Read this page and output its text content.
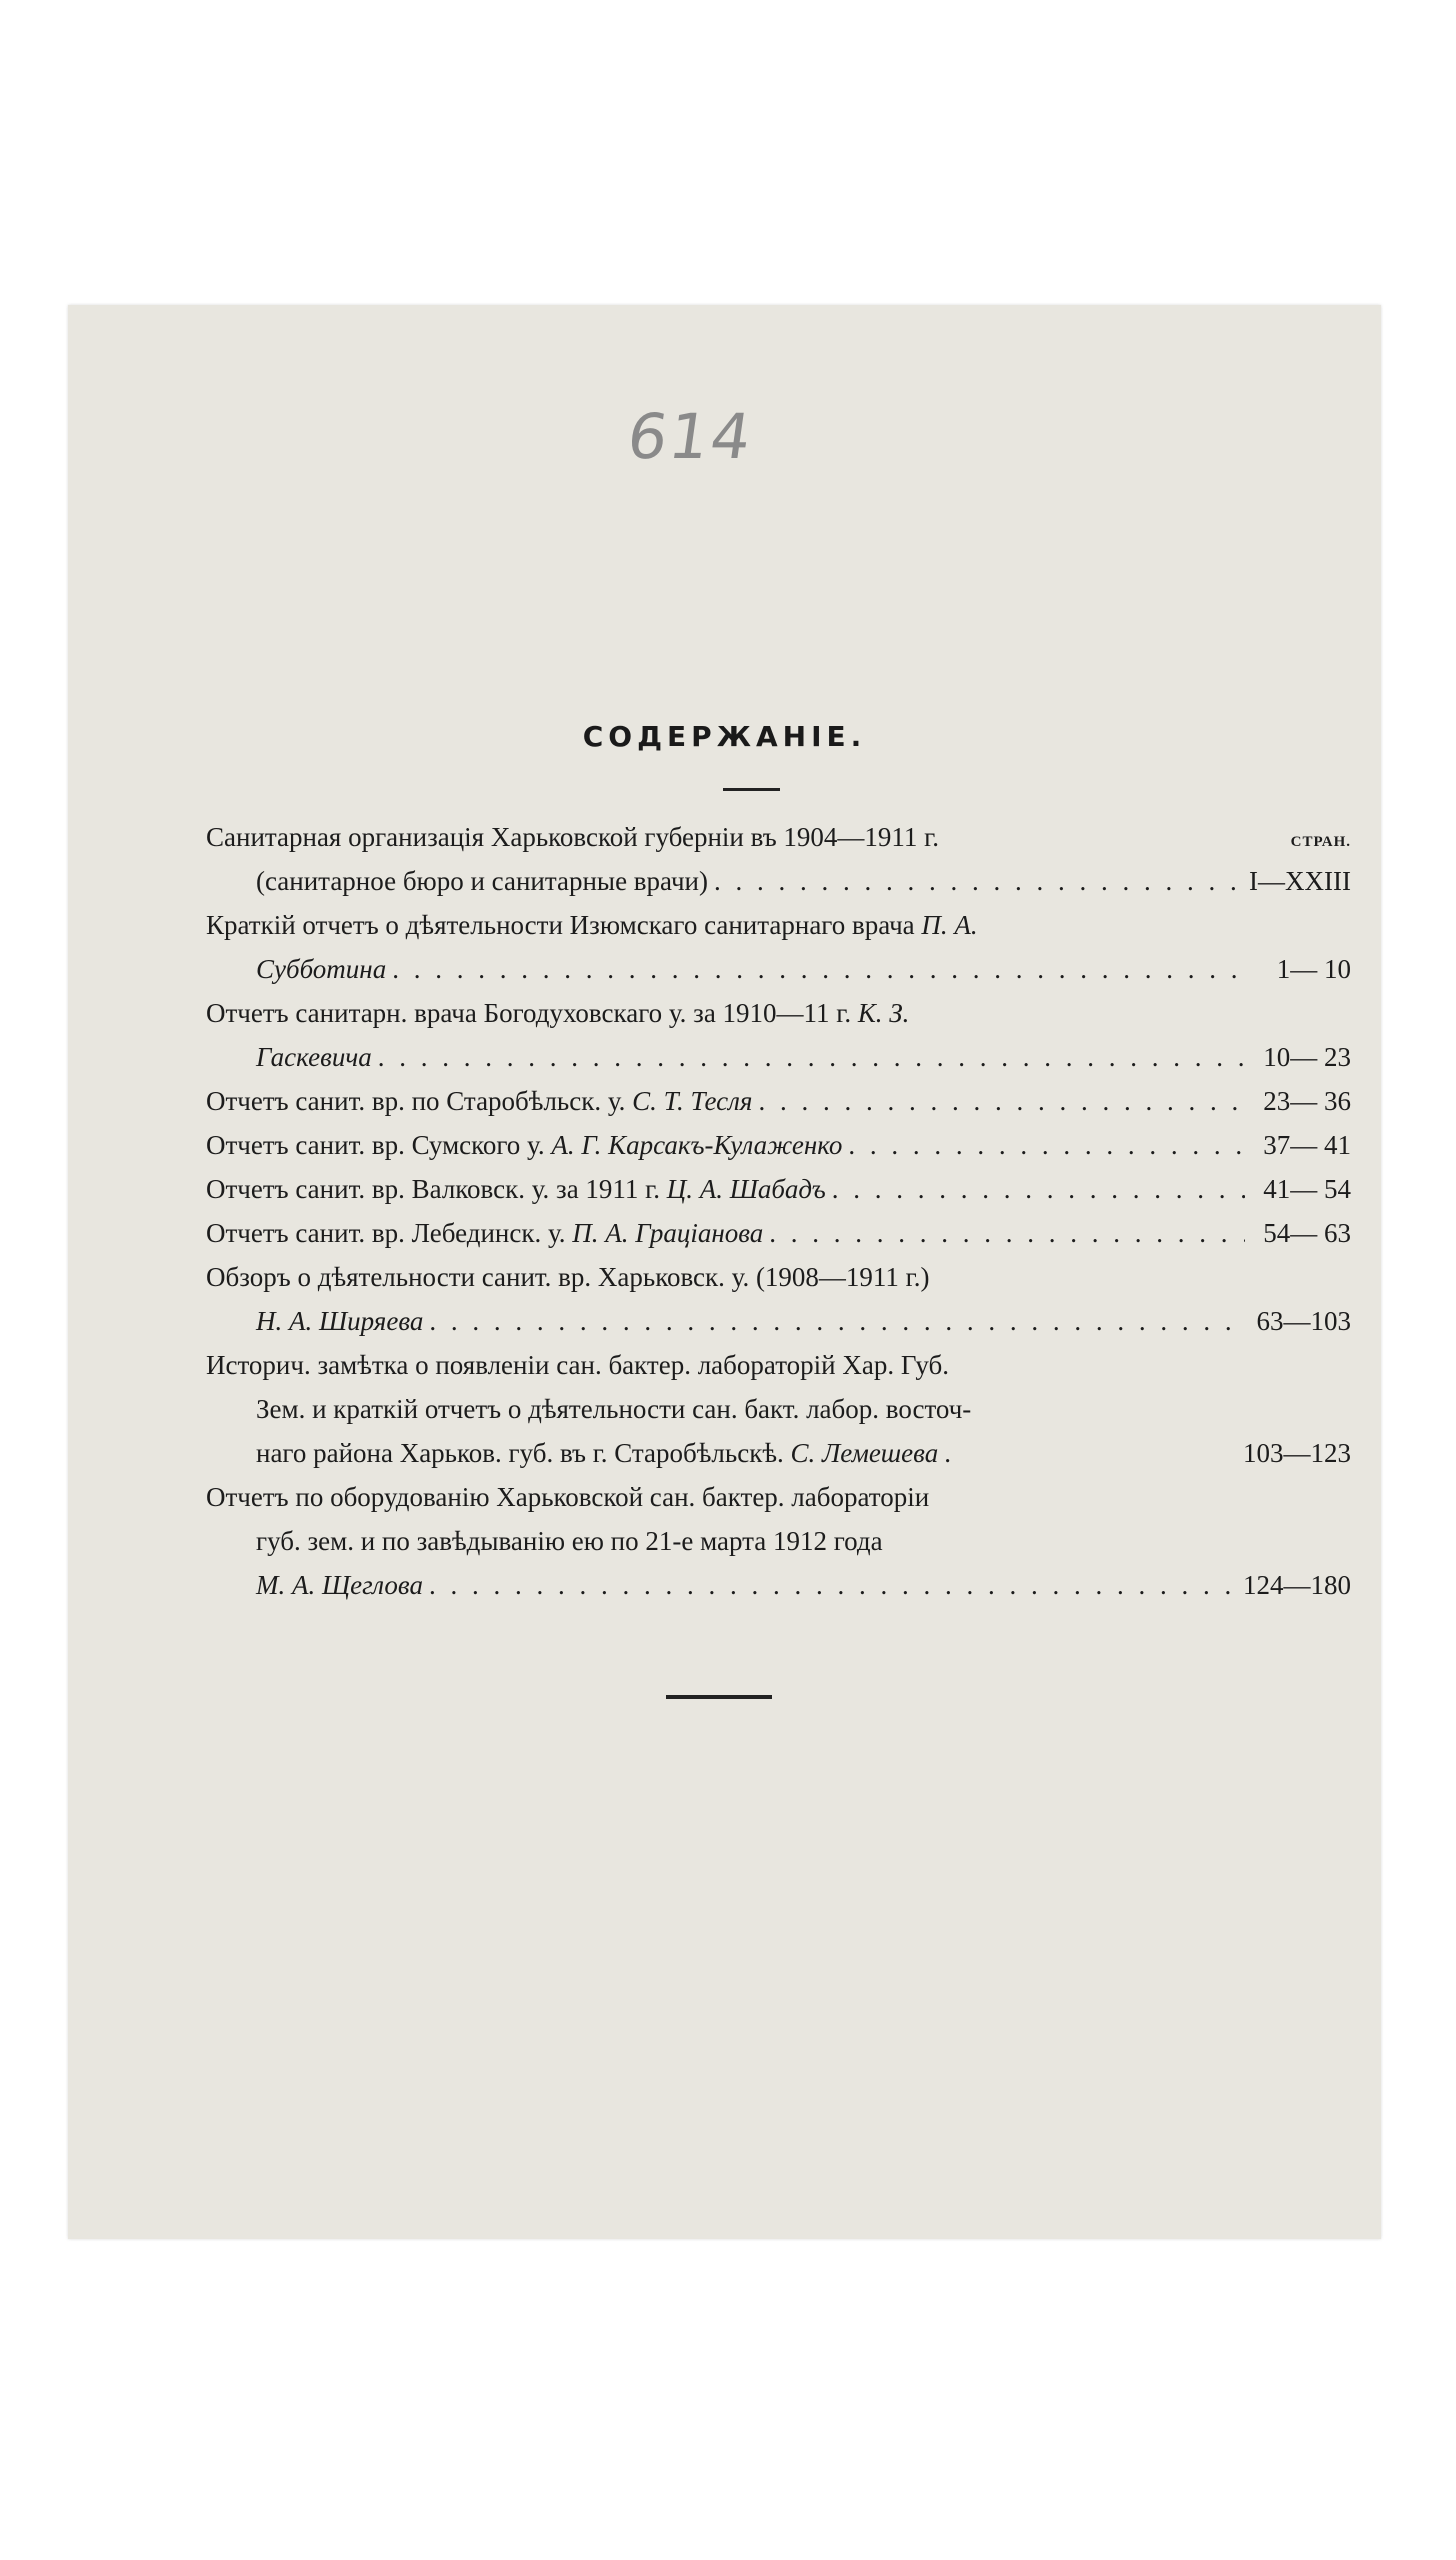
614
СОДЕРЖАНІЕ.
Санитарная организація Харьковской губерніи въ 1904—1911 г.	СТРАН.
(санитарное бюро и санитарные врачи) . . .	I—XXIII
Краткій отчетъ о дѣятельности Изюмскаго санитарнаго врача П. А.
Субботина . . .	1— 10
Отчетъ санитарн. врача Богодуховскаго у. за 1910—11 г. К. З.
Гаскевича . . .	10— 23
Отчетъ санит. вр. по Старобѣльск. у. С. Т. Тесля . . .	23— 36
Отчетъ санит. вр. Сумского у. А. Г. Карсакъ-Кулаженко . . .	37— 41
Отчетъ санит. вр. Валковск. у. за 1911 г. Ц. А. Шабадъ . . .	41— 54
Отчетъ санит. вр. Лебединск. у. П. А. Граціанова . . .	54— 63
Обзоръ о дѣятельности санит. вр. Харьковск. у. (1908—1911 г.)
Н. А. Ширяева . . .	63—103
Историч. замѣтка о появленіи сан. бактер. лабораторій Хар. Губ.
Зем. и краткій отчетъ о дѣятельности сан. бакт. лабор. восточ-
наго района Харьков. губ. въ г. Старобѣльскѣ. С. Лемешева . . .	103—123
Отчетъ по оборудованію Харьковской сан. бактер. лабораторіи
губ. зем. и по завѣдыванію ею по 21-е марта 1912 года
М. А. Щеглова . . .	124—180
